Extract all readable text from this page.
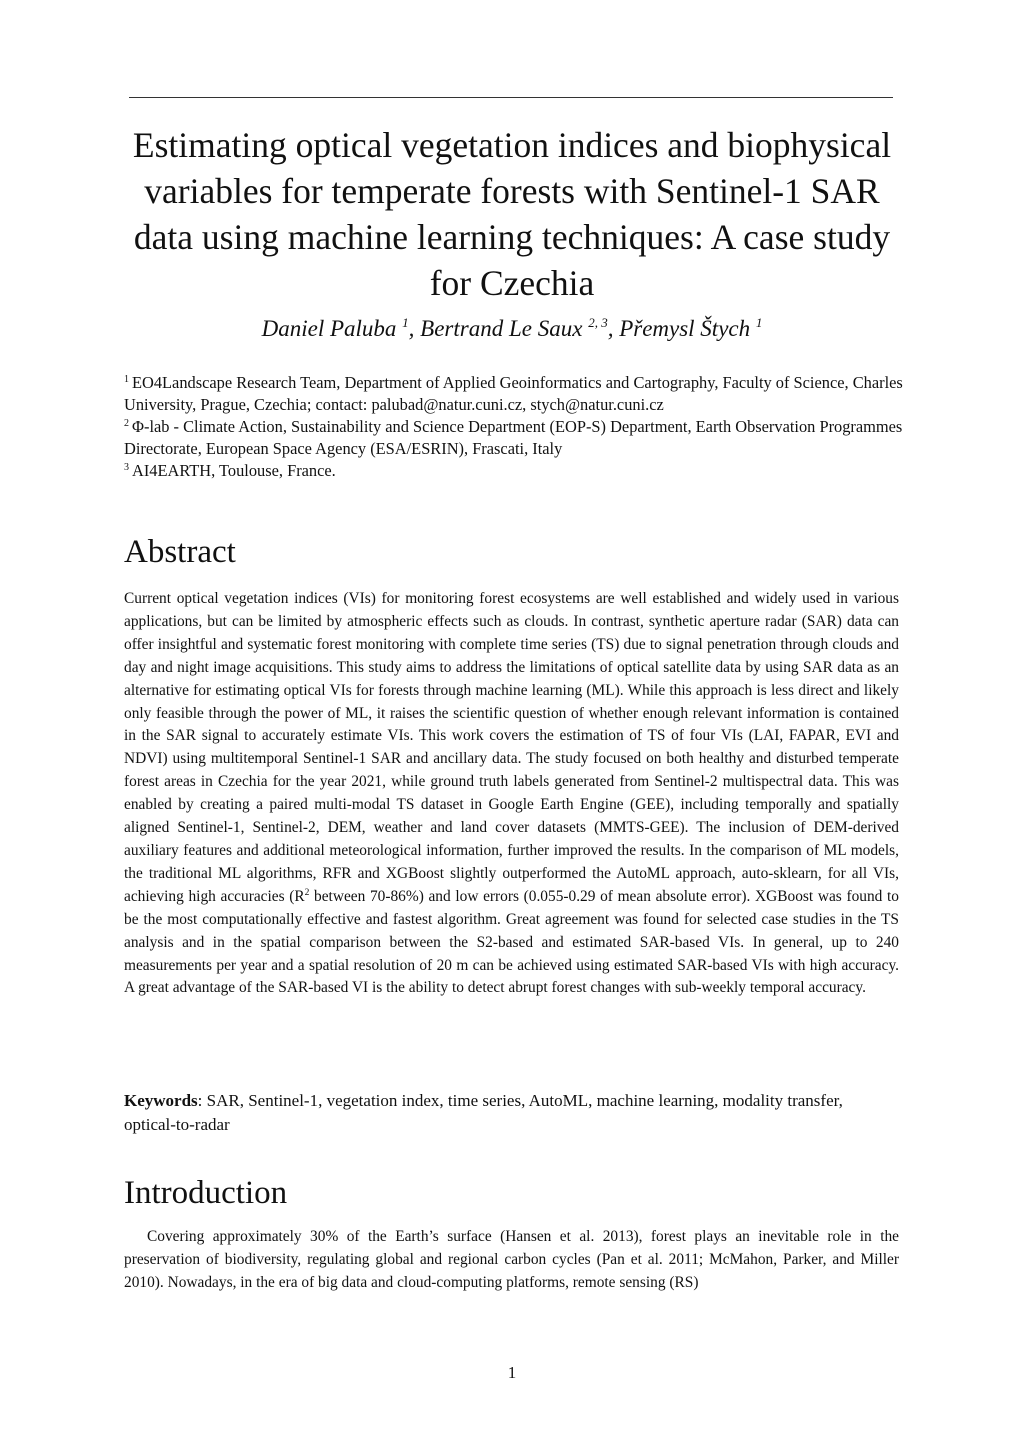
Estimating optical vegetation indices and biophysical
variables for temperate forests with Sentinel-1 SAR
data using machine learning techniques: A case study
for Czechia
Daniel Paluba $^1$, Bertrand Le Saux $^{2, 3}$, Přemysl Štych $^1$

$^1$ EO4Landscape Research Team, Department of Applied Geoinformatics and Cartography, Faculty of Science, Charles University, Prague, Czechia; contact: palubad@natur.cuni.cz, stych@natur.cuni.cz

$^2$ Φ-lab - Climate Action, Sustainability and Science Department (EOP-S) Department, Earth Observation Programmes Directorate, European Space Agency (ESA/ESRIN), Frascati, Italy

$^3$ AI4EARTH, Toulouse, France.

Abstract

Current optical vegetation indices (VIs) for monitoring forest ecosystems are well established and widely used in various applications, but can be limited by atmospheric effects such as clouds. In contrast, synthetic aperture radar (SAR) data can offer insightful and systematic forest monitoring with complete time series (TS) due to signal penetration through clouds and day and night image acquisitions. This study aims to address the limitations of optical satellite data by using SAR data as an alternative for estimating optical VIs for forests through machine learning (ML). While this approach is less direct and likely only feasible through the power of ML, it raises the scientific question of whether enough relevant information is contained in the SAR signal to accurately estimate VIs. This work covers the estimation of TS of four VIs (LAI, FAPAR, EVI and NDVI) using multitemporal Sentinel-1 SAR and ancillary data. The study focused on both healthy and disturbed temperate forest areas in Czechia for the year 2021, while ground truth labels generated from Sentinel-2 multispectral data. This was enabled by creating a paired multi-modal TS dataset in Google Earth Engine (GEE), including temporally and spatially aligned Sentinel-1, Sentinel-2, DEM, weather and land cover datasets (MMTS-GEE). The inclusion of DEM-derived auxiliary features and additional meteorological information, further improved the results. In the comparison of ML models, the traditional ML algorithms, RFR and XGBoost slightly outperformed the AutoML approach, auto-sklearn, for all VIs, achieving high accuracies ($R^2$ between 70-86%) and low errors (0.055-0.29 of mean absolute error). XGBoost was found to be the most computationally effective and fastest algorithm. Great agreement was found for selected case studies in the TS analysis and in the spatial comparison between the S2-based and estimated SAR-based VIs. In general, up to 240 measurements per year and a spatial resolution of 20 m can be achieved using estimated SAR-based VIs with high accuracy. A great advantage of the SAR-based VI is the ability to detect abrupt forest changes with sub-weekly temporal accuracy.

Keywords: SAR, Sentinel-1, vegetation index, time series, AutoML, machine learning, modality transfer, optical-to-radar

Introduction

Covering approximately 30% of the Earth’s surface (Hansen et al. 2013), forest plays an inevitable role in the preservation of biodiversity, regulating global and regional carbon cycles (Pan et al. 2011; McMahon, Parker, and Miller 2010). Nowadays, in the era of big data and cloud-computing platforms, remote sensing (RS)

1
